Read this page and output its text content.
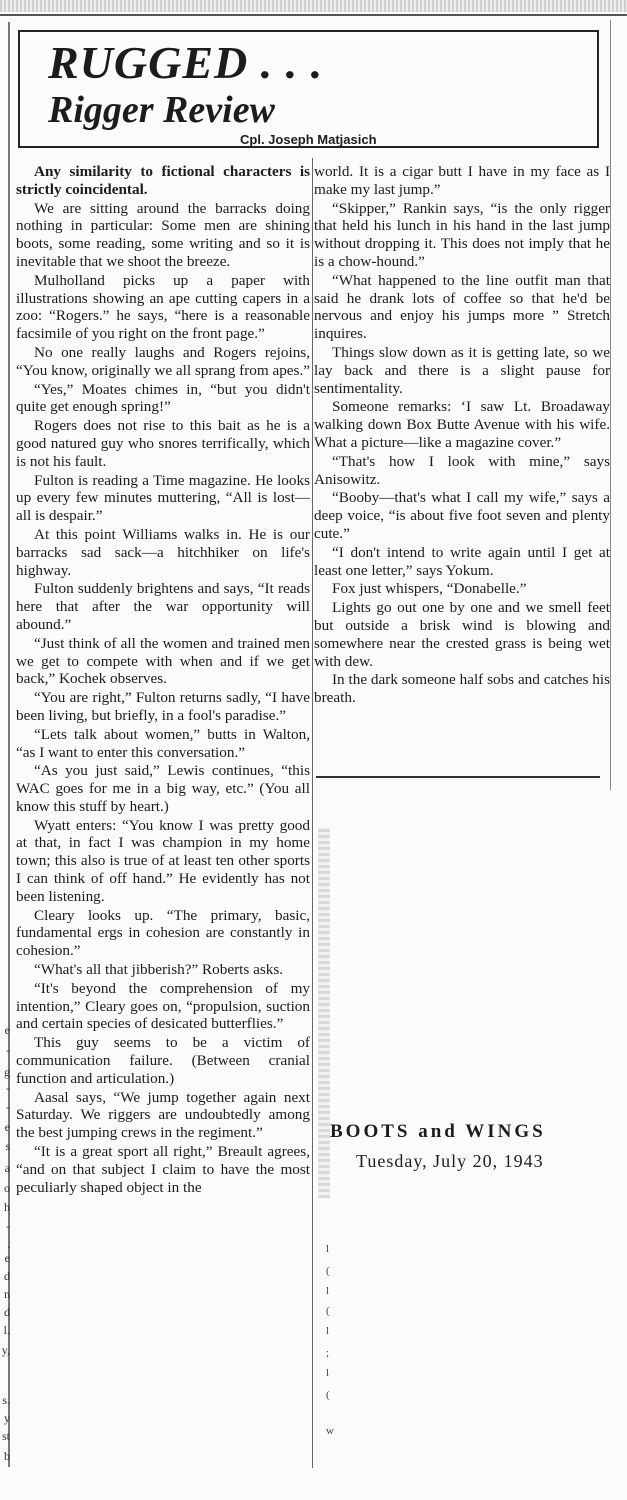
RUGGED . . .
Rigger Review
Cpl. Joseph Matjasich

Any similarity to fictional characters is strictly coincidental.

We are sitting around the barracks doing nothing in particular: Some men are shining boots, some reading, some writing and so it is inevitable that we shoot the breeze.

Mulholland picks up a paper with illustrations showing an ape cutting capers in a zoo: “Rogers.” he says, “here is a reasonable facsimile of you right on the front page.”

No one really laughs and Rogers rejoins, “You know, originally we all sprang from apes.”

“Yes,” Moates chimes in, “but you didn't quite get enough spring!”

Rogers does not rise to this bait as he is a good natured guy who snores terrifically, which is not his fault.

Fulton is reading a Time magazine. He looks up every few minutes muttering, “All is lost—all is despair.”

At this point Williams walks in. He is our barracks sad sack—a hitchhiker on life's highway.

Fulton suddenly brightens and says, “It reads here that after the war opportunity will abound.”

“Just think of all the women and trained men we get to compete with when and if we get back,” Kochek observes.

“You are right,” Fulton returns sadly, “I have been living, but briefly, in a fool's paradise.”

“Lets talk about women,” butts in Walton, “as I want to enter this conversation.”

“As you just said,” Lewis continues, “this WAC goes for me in a big way, etc.” (You all know this stuff by heart.)

Wyatt enters: “You know I was pretty good at that, in fact I was champion in my home town; this also is true of at least ten other sports I can think of off hand.” He evidently has not been listening.

Cleary looks up. “The primary, basic, fundamental ergs in cohesion are constantly in cohesion.”

“What's all that jibberish?” Roberts asks.

“It's beyond the comprehension of my intention,” Cleary goes on, “propulsion, suction and certain species of desicated butterflies.”

This guy seems to be a victim of communication failure. (Between cranial function and articulation.)

Aasal says, “We jump together again next Saturday. We riggers are undoubtedly among the best jumping crews in the regiment.”

“It is a great sport all right,” Breault agrees, “and on that subject I claim to have the most peculiarly shaped object in the

world. It is a cigar butt I have in my face as I make my last jump.”

“Skipper,” Rankin says, “is the only rigger that held his lunch in his hand in the last jump without dropping it. This does not imply that he is a chow-hound.”

“What happened to the line outfit man that said he drank lots of coffee so that he'd be nervous and enjoy his jumps more ” Stretch inquires.

Things slow down as it is getting late, so we lay back and there is a slight pause for sentimentality.

Someone remarks: ‘I saw Lt. Broadaway walking down Box Butte Avenue with his wife. What a picture—like a magazine cover.”

“That's how I look with mine,” says Anisowitz.

“Booby—that's what I call my wife,” says a deep voice, “is about five foot seven and plenty cute.”

“I don't intend to write again until I get at least one letter,” says Yokum.

Fox just whispers, “Donabelle.”

Lights go out one by one and we smell feet but outside a brisk wind is blowing and somewhere near the crested grass is being wet with dew.

In the dark someone half sobs and catches his breath.

BOOTS and WINGS
Tuesday, July 20, 1943
e
-
g
-
-
e
s
a
o
h
-
.
e
d
n
d
l.
y,
s.
y
st
b
l
(
l
(
l
;
l
(
w
